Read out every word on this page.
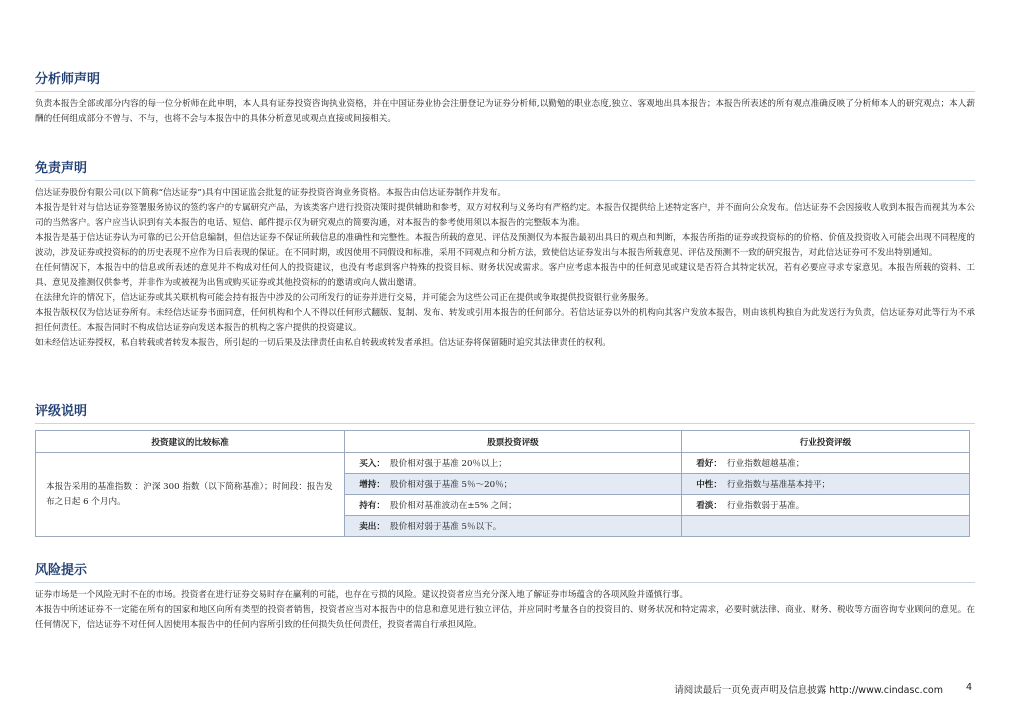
分析师声明

负责本报告全部或部分内容的每一位分析师在此申明，本人具有证券投资咨询执业资格，并在中国证券业协会注册登记为证券分析师,以勤勉的职业态度,独立、客观地出具本报告；本报告所表述的所有观点准确反映了分析师本人的研究观点；本人薪酬的任何组成部分不曾与、不与，也将不会与本报告中的具体分析意见或观点直接或间接相关。

免责声明

信达证券股份有限公司(以下简称“信达证券”)具有中国证监会批复的证券投资咨询业务资格。本报告由信达证券制作并发布。

本报告是针对与信达证券签署服务协议的签约客户的专属研究产品，为该类客户进行投资决策时提供辅助和参考，双方对权利与义务均有严格约定。本报告仅提供给上述特定客户，并不面向公众发布。信达证券不会因接收人收到本报告而视其为本公司的当然客户。客户应当认识到有关本报告的电话、短信、邮件提示仅为研究观点的简要沟通，对本报告的参考使用须以本报告的完整版本为准。

本报告是基于信达证券认为可靠的已公开信息编制，但信达证券不保证所载信息的准确性和完整性。本报告所载的意见、评估及预测仅为本报告最初出具日的观点和判断，本报告所指的证券或投资标的的价格、价值及投资收入可能会出现不同程度的波动，涉及证券或投资标的的历史表现不应作为日后表现的保证。在不同时期，或因使用不同假设和标准，采用不同观点和分析方法，致使信达证券发出与本报告所载意见、评估及预测不一致的研究报告，对此信达证券可不发出特别通知。

在任何情况下，本报告中的信息或所表述的意见并不构成对任何人的投资建议，也没有考虑到客户特殊的投资目标、财务状况或需求。客户应考虑本报告中的任何意见或建议是否符合其特定状况，若有必要应寻求专家意见。本报告所载的资料、工具、意见及推测仅供参考，并非作为或被视为出售或购买证券或其他投资标的的邀请或向人做出邀请。

在法律允许的情况下，信达证券或其关联机构可能会持有报告中涉及的公司所发行的证券并进行交易，并可能会为这些公司正在提供或争取提供投资银行业务服务。

本报告版权仅为信达证券所有。未经信达证券书面同意，任何机构和个人不得以任何形式翻版、复制、发布、转发或引用本报告的任何部分。若信达证券以外的机构向其客户发放本报告，则由该机构独自为此发送行为负责，信达证券对此等行为不承担任何责任。本报告同时不构成信达证券向发送本报告的机构之客户提供的投资建议。

如未经信达证券授权，私自转载或者转发本报告，所引起的一切后果及法律责任由私自转载或转发者承担。信达证券将保留随时追究其法律责任的权利。

评级说明
投资建议的比较标准	股票投资评级	行业投资评级
本报告采用的基准指数 ：沪深 300 指数（以下简称基准）；时间段：报告发布之日起 6 个月内。	买入： 股价相对强于基准 20％以上；	看好： 行业指数超越基准；
	增持： 股价相对强于基准 5％～20％；	中性： 行业指数与基准基本持平；
	持有： 股价相对基准波动在±5% 之间；	看淡： 行业指数弱于基准。
	卖出： 股价相对弱于基准 5％以下。	
风险提示

证券市场是一个风险无时不在的市场。投资者在进行证券交易时存在赢利的可能，也存在亏损的风险。建议投资者应当充分深入地了解证券市场蕴含的各项风险并谨慎行事。

本报告中所述证券不一定能在所有的国家和地区向所有类型的投资者销售，投资者应当对本报告中的信息和意见进行独立评估，并应同时考量各自的投资目的、财务状况和特定需求，必要时就法律、商业、财务、税收等方面咨询专业顾问的意见。在任何情况下，信达证券不对任何人因使用本报告中的任何内容所引致的任何损失负任何责任，投资者需自行承担风险。

请阅读最后一页免责声明及信息披露 http://www.cindasc.com 4
